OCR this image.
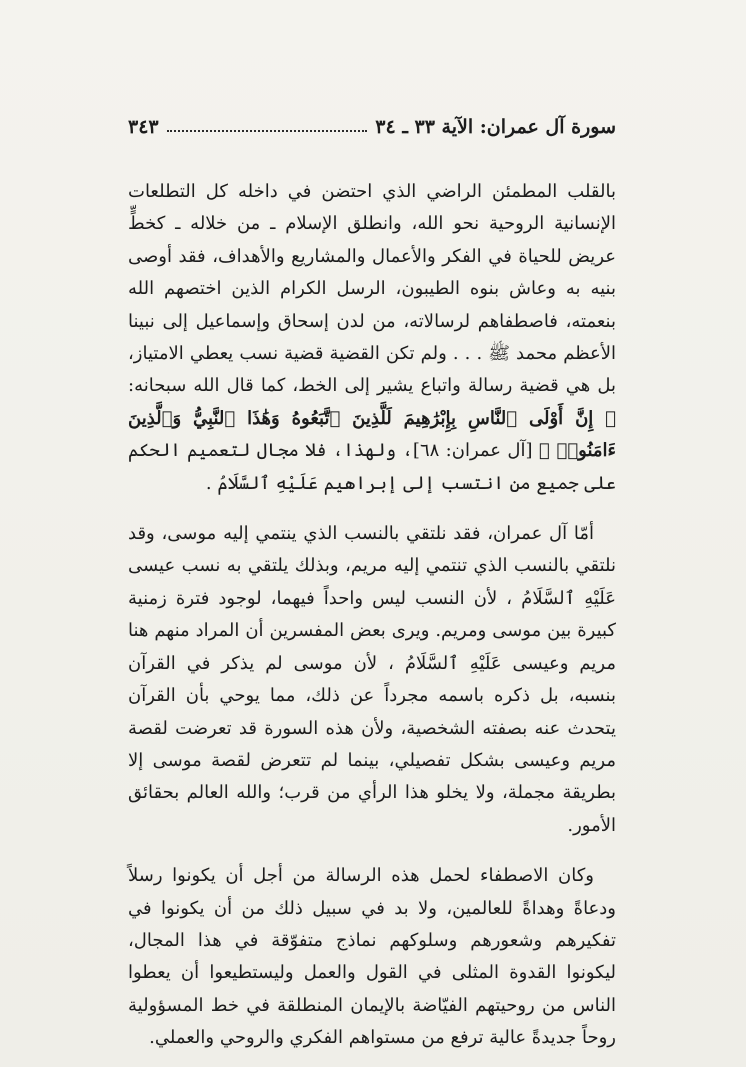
سورة آل عمران: الآية ٣٣ ـ ٣٤
٣٤٣

بالقلب المطمئن الراضي الذي احتضن في داخله كل التطلعات الإنسانية الروحية نحو الله، وانطلق الإسلام ـ من خلاله ـ كخطٍّ عريض للحياة في الفكر والأعمال والمشاريع والأهداف، فقد أوصى بنيه به وعاش بنوه الطيبون، الرسل الكرام الذين اختصهم الله بنعمته، فاصطفاهم لرسالاته، من لدن إسحاق وإسماعيل إلى نبينا الأعظم محمد ﷺ . . . ولم تكن القضية قضية نسب يعطي الامتياز، بل هي قضية رسالة واتباع يشير إلى الخط، كما قال الله سبحانه: ﴿ إِنَّ أَوْلَى ٱلنَّاسِ بِإِبْرَٰهِيمَ لَلَّذِينَ ٱتَّبَعُوهُ وَهَٰذَا ٱلنَّبِيُّ وَٱلَّذِينَ ءَامَنُوا۟ ﴾ [آل عمران: ٦٨]، ولهذا، فلا مجال لتعميم الحكم على جميع من انتسب إلى إبراهيم عَلَيْهِ ٱلسَّلَامُ .

أمّا آل عمران، فقد نلتقي بالنسب الذي ينتمي إليه موسى، وقد نلتقي بالنسب الذي تنتمي إليه مريم، وبذلك يلتقي به نسب عيسى عَلَيْهِ ٱلسَّلَامُ ، لأن النسب ليس واحداً فيهما، لوجود فترة زمنية كبيرة بين موسى ومريم. ويرى بعض المفسرين أن المراد منهم هنا مريم وعيسى عَلَيْهِ ٱلسَّلَامُ ، لأن موسى لم يذكر في القرآن بنسبه، بل ذكره باسمه مجرداً عن ذلك، مما يوحي بأن القرآن يتحدث عنه بصفته الشخصية، ولأن هذه السورة قد تعرضت لقصة مريم وعيسى بشكل تفصيلي، بينما لم تتعرض لقصة موسى إلا بطريقة مجملة، ولا يخلو هذا الرأي من قرب؛ والله العالم بحقائق الأمور.

وكان الاصطفاء لحمل هذه الرسالة من أجل أن يكونوا رسلاً ودعاةً وهداةً للعالمين، ولا بد في سبيل ذلك من أن يكونوا في تفكيرهم وشعورهم وسلوكهم نماذج متفوّقة في هذا المجال، ليكونوا القدوة المثلى في القول والعمل وليستطيعوا أن يعطوا الناس من روحيتهم الفيّاضة بالإيمان المنطلقة في خط المسؤولية روحاً جديدةً عالية ترفع من مستواهم الفكري والروحي والعملي.
